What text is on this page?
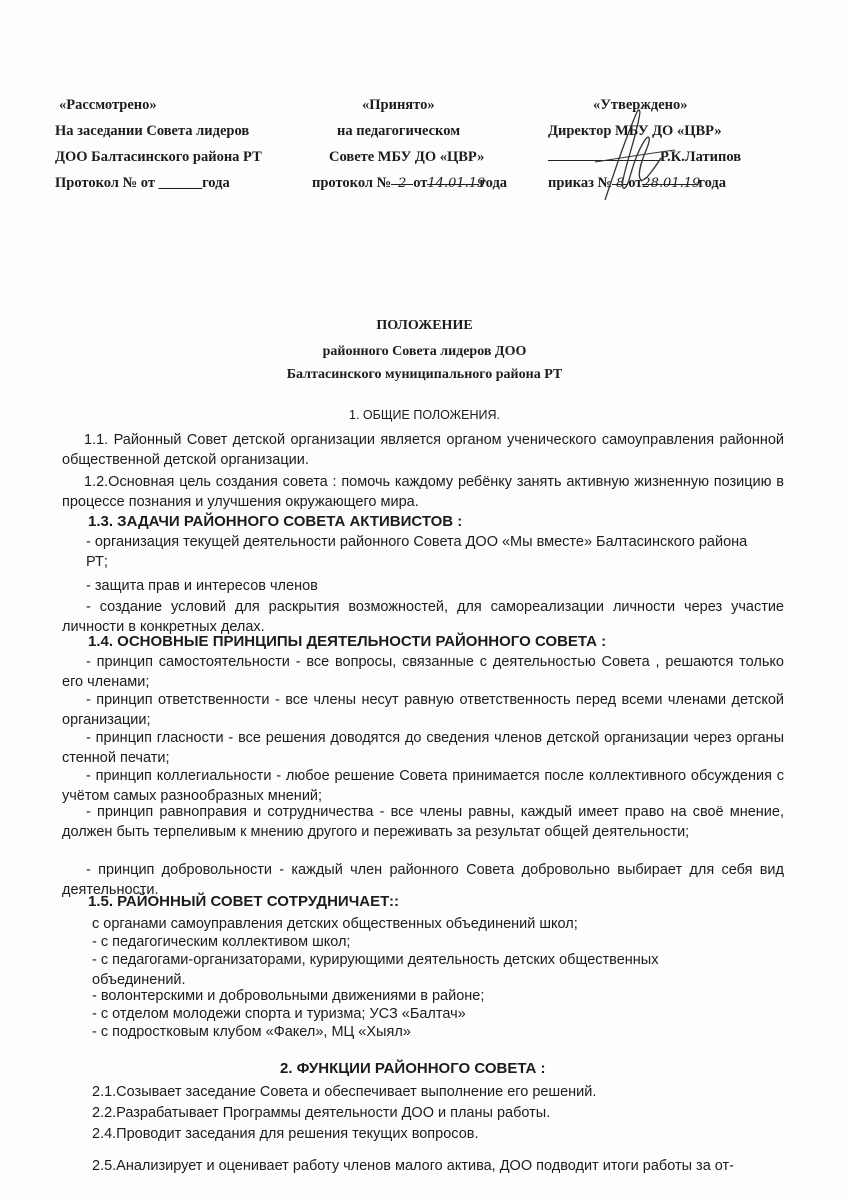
«Рассмотрено»
На заседании Совета лидеров
ДОО Балтасинского района РТ
Протокол № от ______года
«Принято»
на педагогическом
Совете МБУ ДО «ЦВР»
протокол № 2 от14.01.19года
«Утверждено»
Директор МБУ ДО «ЦВР»
Р.К.Латипов
приказ № 8 от28.01.19года
ПОЛОЖЕНИЕ
районного Совета лидеров ДОО
Балтасинского муниципального района РТ
1. ОБЩИЕ ПОЛОЖЕНИЯ.
1.1. Районный Совет детской организации является органом ученического самоуправления районной общественной детской организации.
1.2.Основная цель создания совета : помочь каждому ребёнку занять активную жизненную позицию в процессе познания и улучшения окружающего мира.
1.3. ЗАДАЧИ РАЙОННОГО СОВЕТА АКТИВИСТОВ :
- организация текущей деятельности районного Совета ДОО «Мы вместе» Балтасинского района РТ;
- защита прав и интересов членов
- создание условий для раскрытия возможностей, для самореализации личности через участие личности в конкретных делах.
1.4. ОСНОВНЫЕ ПРИНЦИПЫ ДЕЯТЕЛЬНОСТИ РАЙОННОГО СОВЕТА :
- принцип самостоятельности - все вопросы, связанные с деятельностью Совета , решаются только его членами;
- принцип ответственности - все члены несут равную ответственность перед всеми членами детской организации;
- принцип гласности - все решения доводятся до сведения членов детской организации через органы стенной печати;
- принцип коллегиальности - любое решение Совета принимается после коллективного обсуждения с учётом самых разнообразных мнений;
- принцип равноправия и сотрудничества - все члены равны, каждый имеет право на своё мнение, должен быть терпеливым к мнению другого и переживать за результат общей деятельности;
- принцип добровольности - каждый член районного Совета добровольно выбирает для себя вид деятельности.
1.5. РАЙОННЫЙ СОВЕТ СОТРУДНИЧАЕТ::
с органами самоуправления детских общественных объединений школ;
- с педагогическим коллективом школ;
- с педагогами-организаторами, курирующими деятельность детских общественных объединений.
- волонтерскими и добровольными движениями в районе;
- с отделом молодежи спорта и туризма; УСЗ «Балтач»
- с подростковым клубом «Факел», МЦ «Хыял»
2. ФУНКЦИИ РАЙОННОГО СОВЕТА :
2.1.Созывает заседание Совета и обеспечивает выполнение его решений.
2.2.Разрабатывает Программы деятельности ДОО и планы работы.
2.4.Проводит заседания для решения текущих вопросов.
2.5.Анализирует и оценивает работу членов малого актива, ДОО подводит итоги работы за от-
